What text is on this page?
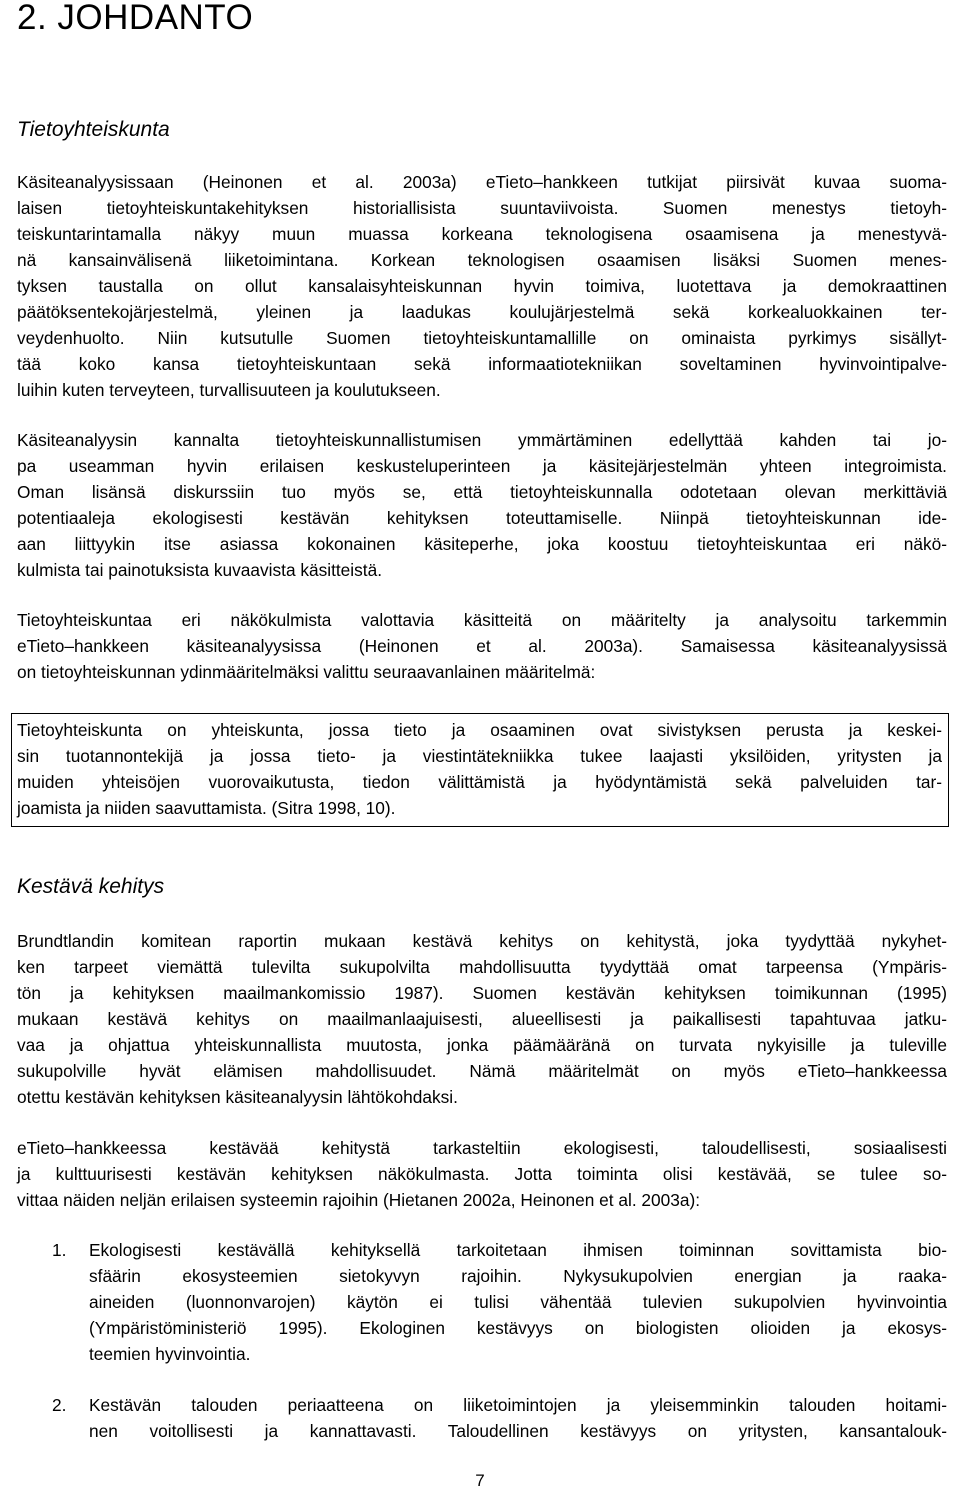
2. JOHDANTO
Tietoyhteiskunta
Käsiteanalyysissaan (Heinonen et al. 2003a) eTieto–hankkeen tutkijat piirsivät kuvaa suoma-
laisen tietoyhteiskuntakehityksen historiallisista suuntaviivoista. Suomen menestys tietoyh-
teiskuntarintamalla näkyy muun muassa korkeana teknologisena osaamisena ja menestyvä-
nä kansainvälisenä liiketoimintana. Korkean teknologisen osaamisen lisäksi Suomen menes-
tyksen taustalla on ollut kansalaisyhteiskunnan hyvin toimiva, luotettava ja demokraattinen
päätöksentekojärjestelmä, yleinen ja laadukas koulujärjestelmä sekä korkealuokkainen ter-
veydenhuolto. Niin kutsutulle Suomen tietoyhteiskuntamallille on ominaista pyrkimys sisällyt-
tää koko kansa tietoyhteiskuntaan sekä informaatiotekniikan soveltaminen hyvinvointipalve-
luihin kuten terveyteen, turvallisuuteen ja koulutukseen.
Käsiteanalyysin kannalta tietoyhteiskunnallistumisen ymmärtäminen edellyttää kahden tai jo-
pa useamman hyvin erilaisen keskusteluperinteen ja käsitejärjestelmän yhteen integroimista.
Oman lisänsä diskurssiin tuo myös se, että tietoyhteiskunnalla odotetaan olevan merkittäviä
potentiaaleja ekologisesti kestävän kehityksen toteuttamiselle. Niinpä tietoyhteiskunnan ide-
aan liittyykin itse asiassa kokonainen käsiteperhe, joka koostuu tietoyhteiskuntaa eri näkö-
kulmista tai painotuksista kuvaavista käsitteistä.
Tietoyhteiskuntaa eri näkökulmista valottavia käsitteitä on määritelty ja analysoitu tarkemmin
eTieto–hankkeen käsiteanalyysissa (Heinonen et al. 2003a). Samaisessa käsiteanalyysissä
on tietoyhteiskunnan ydinmääritelmäksi valittu seuraavanlainen määritelmä:
Tietoyhteiskunta on yhteiskunta, jossa tieto ja osaaminen ovat sivistyksen perusta ja keskei-
sin tuotannontekijä ja jossa tieto- ja viestintätekniikka tukee laajasti yksilöiden, yritysten ja
muiden yhteisöjen vuorovaikutusta, tiedon välittämistä ja hyödyntämistä sekä palveluiden tar-
joamista ja niiden saavuttamista. (Sitra 1998, 10).
Kestävä kehitys
Brundtlandin komitean raportin mukaan kestävä kehitys on kehitystä, joka tyydyttää nykyhet-
ken tarpeet viemättä tulevilta sukupolvilta mahdollisuutta tyydyttää omat tarpeensa (Ympäris-
tön ja kehityksen maailmankomissio 1987). Suomen kestävän kehityksen toimikunnan (1995)
mukaan kestävä kehitys on maailmanlaajuisesti, alueellisesti ja paikallisesti tapahtuvaa jatku-
vaa ja ohjattua yhteiskunnallista muutosta, jonka päämääränä on turvata nykyisille ja tuleville
sukupolville hyvät elämisen mahdollisuudet. Nämä määritelmät on myös eTieto–hankkeessa
otettu kestävän kehityksen käsiteanalyysin lähtökohdaksi.
eTieto–hankkeessa kestävää kehitystä tarkasteltiin ekologisesti, taloudellisesti, sosiaalisesti
ja kulttuurisesti kestävän kehityksen näkökulmasta. Jotta toiminta olisi kestävää, se tulee so-
vittaa näiden neljän erilaisen systeemin rajoihin (Hietanen 2002a, Heinonen et al. 2003a):
1. Ekologisesti kestävällä kehityksellä tarkoitetaan ihmisen toiminnan sovittamista bio-
sfäärin ekosysteemien sietokyvyn rajoihin. Nykysukupolvien energian ja raaka-
aineiden (luonnonvarojen) käytön ei tulisi vähentää tulevien sukupolvien hyvinvointia
(Ympäristöministeriö 1995). Ekologinen kestävyys on biologisten olioiden ja ekosys-
teemien hyvinvointia.
2. Kestävän talouden periaatteena on liiketoimintojen ja yleisemminkin talouden hoitami-
nen voitollisesti ja kannattavasti. Taloudellinen kestävyys on yritysten, kansantalouk-
7
